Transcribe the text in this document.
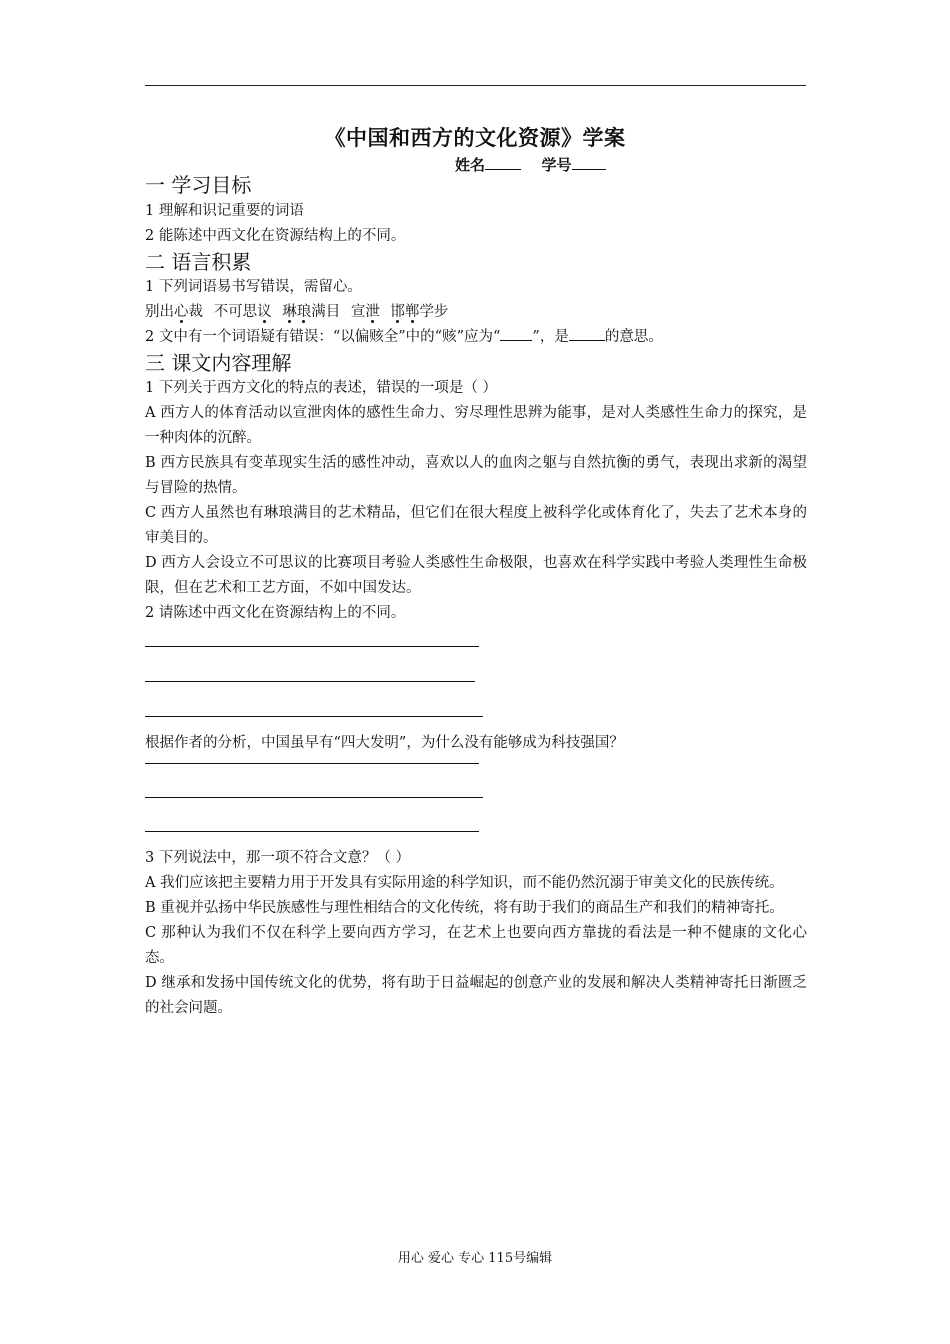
《中国和西方的文化资源》学案
姓名	学号

一 学习目标

1 理解和识记重要的词语

2 能陈述中西文化在资源结构上的不同。

二 语言积累

1 下列词语易书写错误，需留心。

别出心裁 不可思议 琳琅满目 宣泄 邯郸学步

2 文中有一个词语疑有错误：“以偏赅全”中的“赅”应为“ ”，是 的意思。

三 课文内容理解

1 下列关于西方文化的特点的表述，错误的一项是（ ）

A 西方人的体育活动以宣泄肉体的感性生命力、穷尽理性思辨为能事，是对人类感性生命力的探究，是一种肉体的沉醉。

B 西方民族具有变革现实生活的感性冲动，喜欢以人的血肉之躯与自然抗衡的勇气，表现出求新的渴望与冒险的热情。

C 西方人虽然也有琳琅满目的艺术精品，但它们在很大程度上被科学化或体育化了，失去了艺术本身的审美目的。

D 西方人会设立不可思议的比赛项目考验人类感性生命极限，也喜欢在科学实践中考验人类理性生命极限，但在艺术和工艺方面，不如中国发达。

2 请陈述中西文化在资源结构上的不同。

根据作者的分析，中国虽早有“四大发明”，为什么没有能够成为科技强国？

3 下列说法中，那一项不符合文意？（ ）

A 我们应该把主要精力用于开发具有实际用途的科学知识，而不能仍然沉溺于审美文化的民族传统。

B 重视并弘扬中华民族感性与理性相结合的文化传统，将有助于我们的商品生产和我们的精神寄托。

C 那种认为我们不仅在科学上要向西方学习，在艺术上也要向西方靠拢的看法是一种不健康的文化心态。

D 继承和发扬中国传统文化的优势，将有助于日益崛起的创意产业的发展和解决人类精神寄托日渐匮乏的社会问题。

用心 爱心 专心 115号编辑
